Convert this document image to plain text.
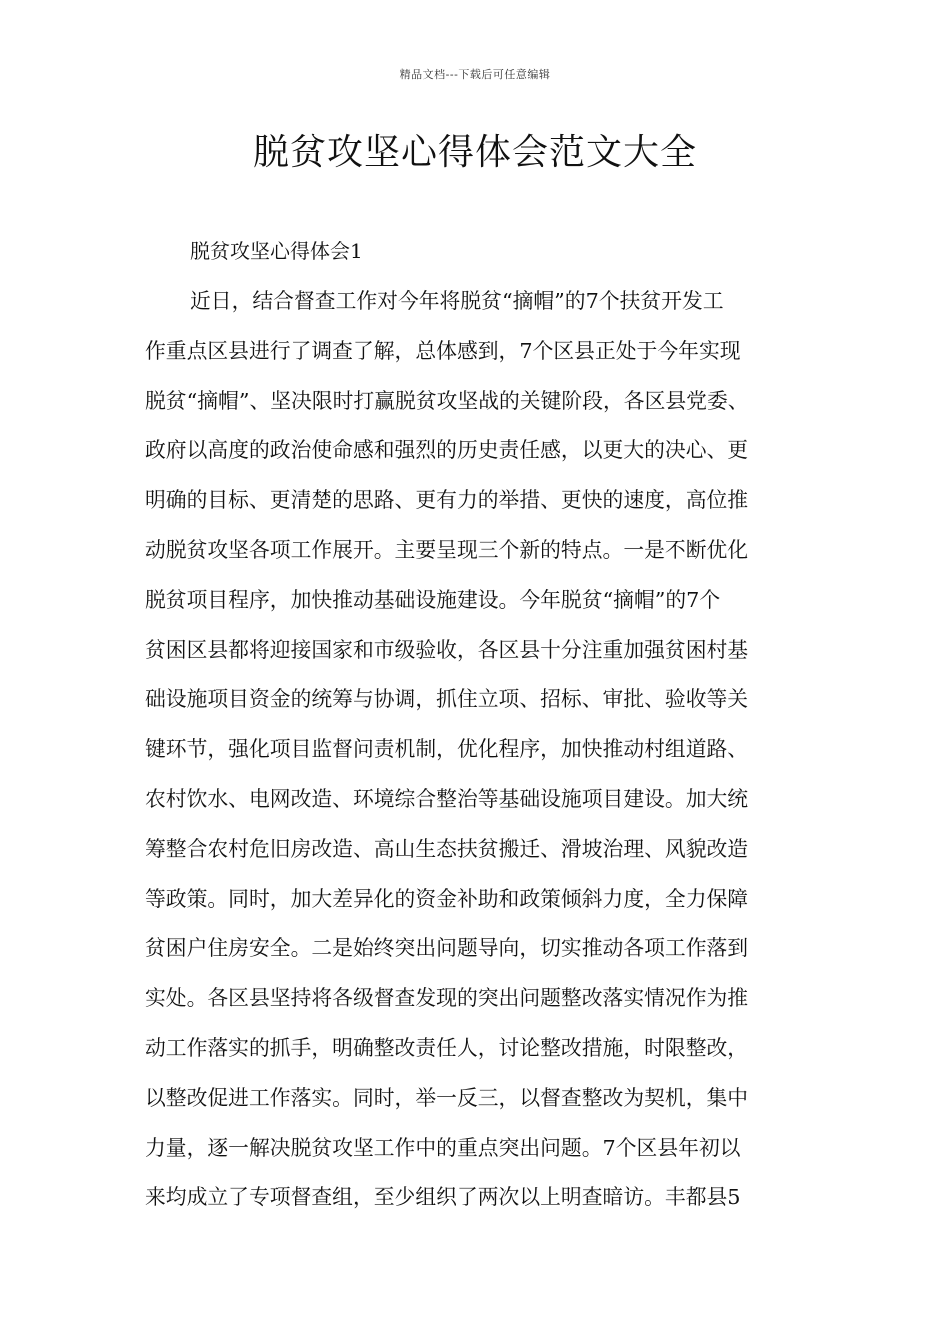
精品文档---下载后可任意编辑
脱贫攻坚心得体会范文大全
脱贫攻坚心得体会1
近日，结合督查工作对今年将脱贫“摘帽”的7个扶贫开发工
作重点区县进行了调查了解，总体感到，7个区县正处于今年实现
脱贫“摘帽”、坚决限时打赢脱贫攻坚战的关键阶段，各区县党委、
政府以高度的政治使命感和强烈的历史责任感，以更大的决心、更
明确的目标、更清楚的思路、更有力的举措、更快的速度，高位推
动脱贫攻坚各项工作展开。主要呈现三个新的特点。一是不断优化
脱贫项目程序，加快推动基础设施建设。今年脱贫“摘帽”的7个
贫困区县都将迎接国家和市级验收，各区县十分注重加强贫困村基
础设施项目资金的统筹与协调，抓住立项、招标、审批、验收等关
键环节，强化项目监督问责机制，优化程序，加快推动村组道路、
农村饮水、电网改造、环境综合整治等基础设施项目建设。加大统
筹整合农村危旧房改造、高山生态扶贫搬迁、滑坡治理、风貌改造
等政策。同时，加大差异化的资金补助和政策倾斜力度，全力保障
贫困户住房安全。二是始终突出问题导向，切实推动各项工作落到
实处。各区县坚持将各级督查发现的突出问题整改落实情况作为推
动工作落实的抓手，明确整改责任人，讨论整改措施，时限整改，
以整改促进工作落实。同时，举一反三，以督查整改为契机，集中
力量，逐一解决脱贫攻坚工作中的重点突出问题。7个区县年初以
来均成立了专项督查组，至少组织了两次以上明查暗访。丰都县5
